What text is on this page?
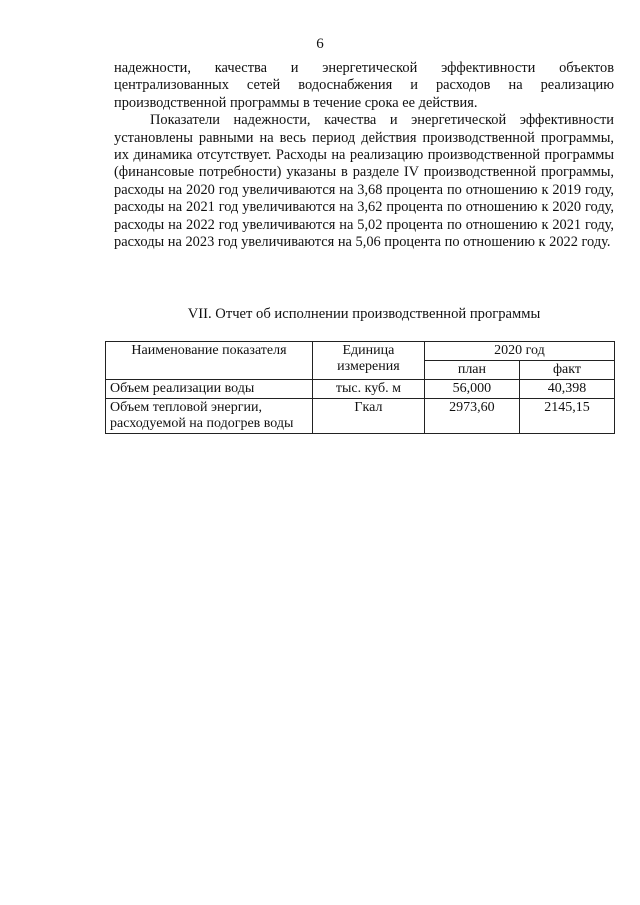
6

надежности, качества и энергетической эффективности объектов централизованных сетей водоснабжения и расходов на реализацию производственной программы в течение срока ее действия.

Показатели надежности, качества и энергетической эффективности установлены равными на весь период действия производственной программы, их динамика отсутствует. Расходы на реализацию производственной программы (финансовые потребности) указаны в разделе IV производственной программы, расходы на 2020 год увеличиваются на 3,68 процента по отношению к 2019 году, расходы на 2021 год увеличиваются на 3,62 процента по отношению к 2020 году, расходы на 2022 год увеличиваются на 5,02 процента по отношению к 2021 году, расходы на 2023 год увеличиваются на 5,06 процента по отношению к 2022 году.

VII. Отчет об исполнении производственной программы
Наименование показателя	Единица измерения	2020 год	
		план	факт
Объем реализации воды	тыс. куб. м	56,000	40,398
Объем тепловой энергии, расходуемой на подогрев воды	Гкал	2973,60	2145,15
